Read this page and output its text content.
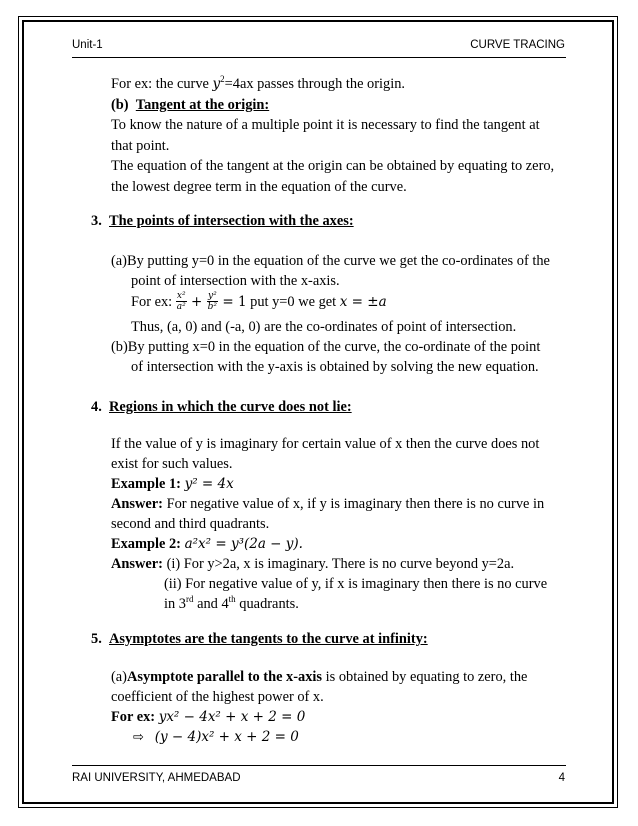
Unit-1	CURVE TRACING
For ex: the curve $y^2=4ax$ passes through the origin.
(b) Tangent at the origin:
To know the nature of a multiple point it is necessary to find the tangent at
that point.
The equation of the tangent at the origin can be obtained by equating to zero,
the lowest degree term in the equation of the curve.
3. The points of intersection with the axes:
(a)By putting y=0 in the equation of the curve we get the co-ordinates of the
point of intersection with the x-axis.
For ex: $\frac{\text{x²}}{\text{a²}} + \frac{\text{y²}}{\text{b²}} = 1$ put y=0 we get x = ±a
Thus, (a, 0) and (-a, 0) are the co-ordinates of point of intersection.
(b)By putting x=0 in the equation of the curve, the co-ordinate of the point
of intersection with the y-axis is obtained by solving the new equation.
4. Regions in which the curve does not lie:
If the value of y is imaginary for certain value of x then the curve does not
exist for such values.
Example 1: y² = 4x
Answer: For negative value of x, if y is imaginary then there is no curve in
second and third quadrants.
Example 2: a²x² = y³(2a − y).
Answer: (i) For y>2a, x is imaginary. There is no curve beyond y=2a.
(ii) For negative value of y, if x is imaginary then there is no curve
in 3rd and 4th quadrants.
5. Asymptotes are the tangents to the curve at infinity:
(a)Asymptote parallel to the x-axis is obtained by equating to zero, the
coefficient of the highest power of x.
For ex: yx² − 4x² + x + 2 = 0
⇨ (y − 4)x² + x + 2 = 0
RAI UNIVERSITY, AHMEDABAD	4
